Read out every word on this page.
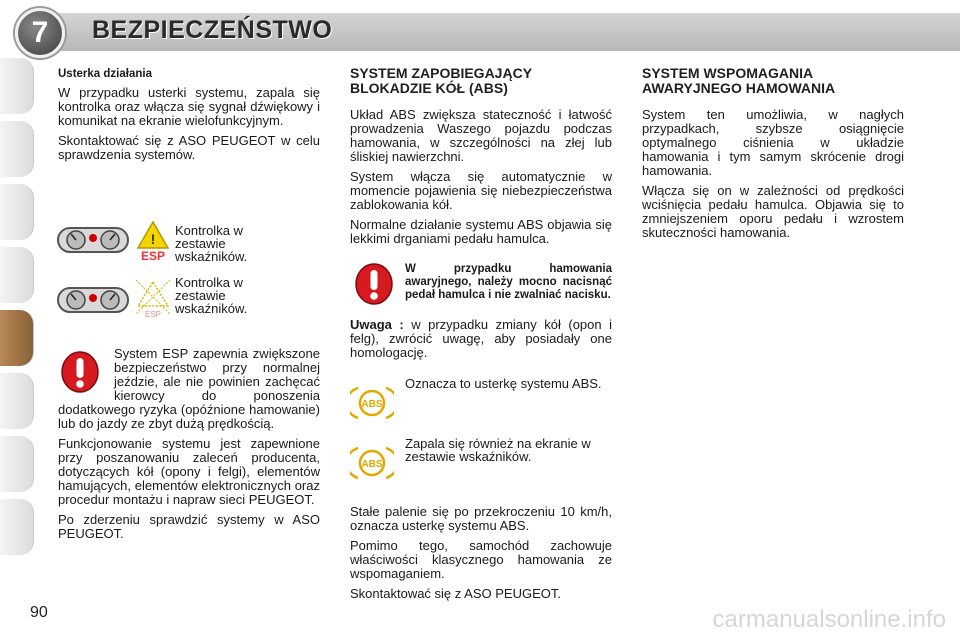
7	BEZPIECZEŃSTWO
Usterka działania

W przypadku usterki systemu, zapala się kontrolka oraz włącza się sygnał dźwiękowy i komunikat na ekranie wielofunkcyjnym.

Skontaktować się z ASO PEUGEOT w celu sprawdzenia systemów.

!
ESP
Kontrolka w zestawie wskaźników.
ESP
Kontrolka w zestawie wskaźników.

System ESP zapewnia zwiększone bezpieczeństwo przy normalnej jeździe, ale nie powinien zachęcać kierowcy do ponoszenia dodatkowego ryzyka (opóźnione hamowanie) lub do jazdy ze zbyt dużą prędkością.

Funkcjonowanie systemu jest zapewnione przy poszanowaniu zaleceń producenta, dotyczących kół (opony i felgi), elementów hamujących, elementów elektronicznych oraz procedur montażu i napraw sieci PEUGEOT.

Po zderzeniu sprawdzić systemy w ASO PEUGEOT.

SYSTEM ZAPOBIEGAJĄCY BLOKADZIE KÓŁ (ABS)

Układ ABS zwiększa stateczność i łatwość prowadzenia Waszego pojazdu podczas hamowania, w szczególności na złej lub śliskiej nawierzchni.

System włącza się automatycznie w momencie pojawienia się niebezpieczeństwa zablokowania kół.

Normalne działanie systemu ABS objawia się lekkimi drganiami pedału hamulca.

W przypadku hamowania awaryjnego, należy mocno nacisnąć pedał hamulca i nie zwalniać nacisku.

Uwaga : w przypadku zmiany kół (opon i felg), zwrócić uwagę, aby posiadały one homologację.

ABS
Oznacza to usterkę systemu ABS.
ABS
Zapala się również na ekranie w zestawie wskaźników.

Stałe palenie się po przekroczeniu 10 km/h, oznacza usterkę systemu ABS.

Pomimo tego, samochód zachowuje właściwości klasycznego hamowania ze wspomaganiem.

Skontaktować się z ASO PEUGEOT.

SYSTEM WSPOMAGANIA AWARYJNEGO HAMOWANIA

System ten umożliwia, w nagłych przypadkach, szybsze osiągnięcie optymalnego ciśnienia w układzie hamowania i tym samym skrócenie drogi hamowania.

Włącza się on w zależności od prędkości wciśnięcia pedału hamulca. Objawia się to zmniejszeniem oporu pedału i wzrostem skuteczności hamowania.

90	carmanualsonline.info
